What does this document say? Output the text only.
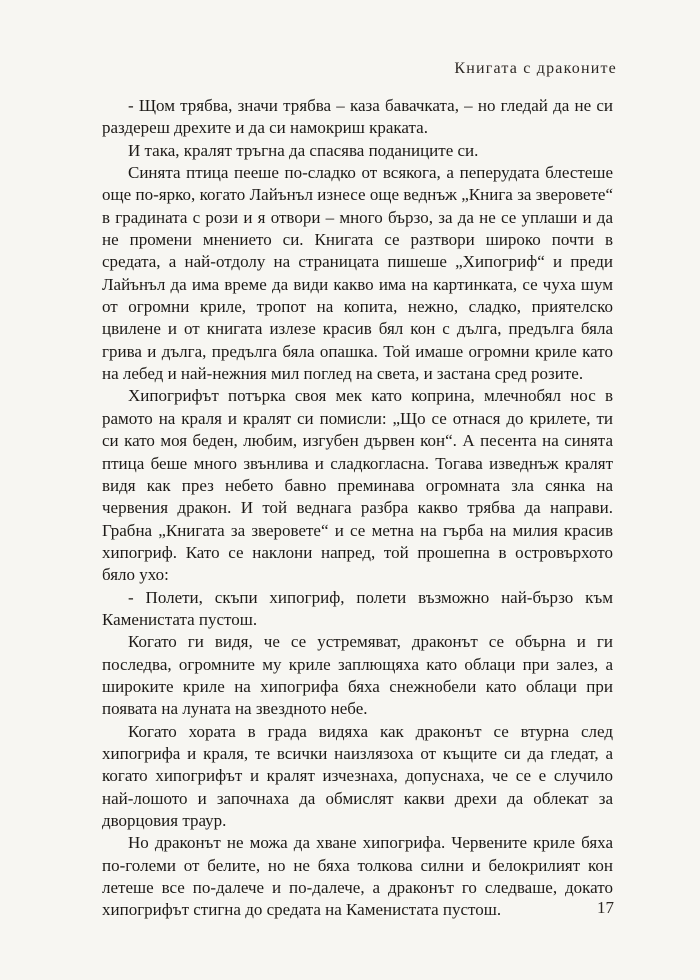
Книгата с драконите

- Щом трябва, значи трябва – каза бавачката, – но гледай да не си раздереш дрехите и да си намокриш краката.

И така, кралят тръгна да спасява поданиците си.

Синята птица пееше по-сладко от всякога, а пеперудата блестеше още по-ярко, когато Лайънъл изнесе още веднъж „Книга за зверовете“ в градината с рози и я отвори – много бързо, за да не се уплаши и да не промени мнението си. Книгата се разтвори широко почти в средата, а най-отдолу на страницата пишеше „Хипогриф“ и преди Лайънъл да има време да види какво има на картинката, се чуха шум от огромни криле, тропот на копита, нежно, сладко, приятелско цвилене и от книгата излезе красив бял кон с дълга, предълга бяла грива и дълга, предълга бяла опашка. Той имаше огромни криле като на лебед и най-нежния мил поглед на света, и застана сред розите.

Хипогрифът потърка своя мек като коприна, млечнобял нос в рамото на краля и кралят си помисли: „Що се отнася до крилете, ти си като моя беден, любим, изгубен дървен кон“. А песента на синята птица беше много звънлива и сладкогласна. Тогава изведнъж кралят видя как през небето бавно преминава огромната зла сянка на червения дракон. И той веднага разбра какво трябва да направи. Грабна „Книгата за зверовете“ и се метна на гърба на милия красив хипогриф. Като се наклони напред, той прошепна в островърхото бяло ухо:

- Полети, скъпи хипогриф, полети възможно най-бързо към Каменистата пустош.

Когато ги видя, че се устремяват, драконът се обърна и ги последва, огромните му криле заплющяха като облаци при залез, а широките криле на хипогрифа бяха снежнобели като облаци при появата на луната на звездното небе.

Когато хората в града видяха как драконът се втурна след хипогрифа и краля, те всички наизлязоха от къщите си да гледат, а когато хипогрифът и кралят изчезнаха, допуснаха, че се е случило най-лошото и започнаха да обмислят какви дрехи да облекат за дворцовия траур.

Но драконът не можа да хване хипогрифа. Червените криле бяха по-големи от белите, но не бяха толкова силни и белокрилият кон летеше все по-далече и по-далече, а драконът го следваше, докато хипогрифът стигна до средата на Каменистата пустош.	17
